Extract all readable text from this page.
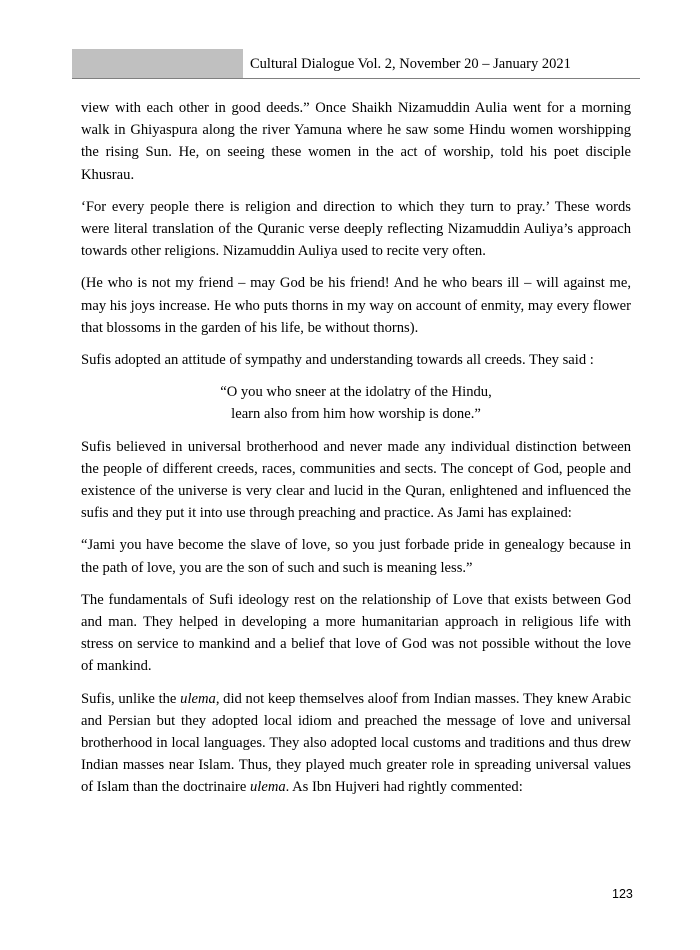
Cultural Dialogue Vol. 2, November 20 – January 2021

view with each other in good deeds.” Once Shaikh Nizamuddin Aulia went for a morning walk in Ghiyaspura along the river Yamuna where he saw some Hindu women worshipping the rising Sun. He, on seeing these women in the act of worship, told his poet disciple Khusrau.

‘For every people there is religion and direction to which they turn to pray.’ These words were literal translation of the Quranic verse deeply reflecting Nizamuddin Auliya’s approach towards other religions. Nizamuddin Auliya used to recite very often.

(He who is not my friend – may God be his friend! And he who bears ill – will against me, may his joys increase. He who puts thorns in my way on account of enmity, may every flower that blossoms in the garden of his life, be without thorns).

Sufis adopted an attitude of sympathy and understanding towards all creeds. They said :

“O you who sneer at the idolatry of the Hindu,
learn also from him how worship is done.”

Sufis believed in universal brotherhood and never made any individual distinction between the people of different creeds, races, communities and sects. The concept of God, people and existence of the universe is very clear and lucid in the Quran, enlightened and influenced the sufis and they put it into use through preaching and practice. As Jami has explained:

“Jami you have become the slave of love, so you just forbade pride in genealogy because in the path of love, you are the son of such and such is meaning less.”

The fundamentals of Sufi ideology rest on the relationship of Love that exists between God and man. They helped in developing a more humanitarian approach in religious life with stress on service to mankind and a belief that love of God was not possible without the love of mankind.

Sufis, unlike the ulema, did not keep themselves aloof from Indian masses. They knew Arabic and Persian but they adopted local idiom and preached the message of love and universal brotherhood in local languages. They also adopted local customs and traditions and thus drew Indian masses near Islam. Thus, they played much greater role in spreading universal values of Islam than the doctrinaire ulema. As Ibn Hujveri had rightly commented:

123
